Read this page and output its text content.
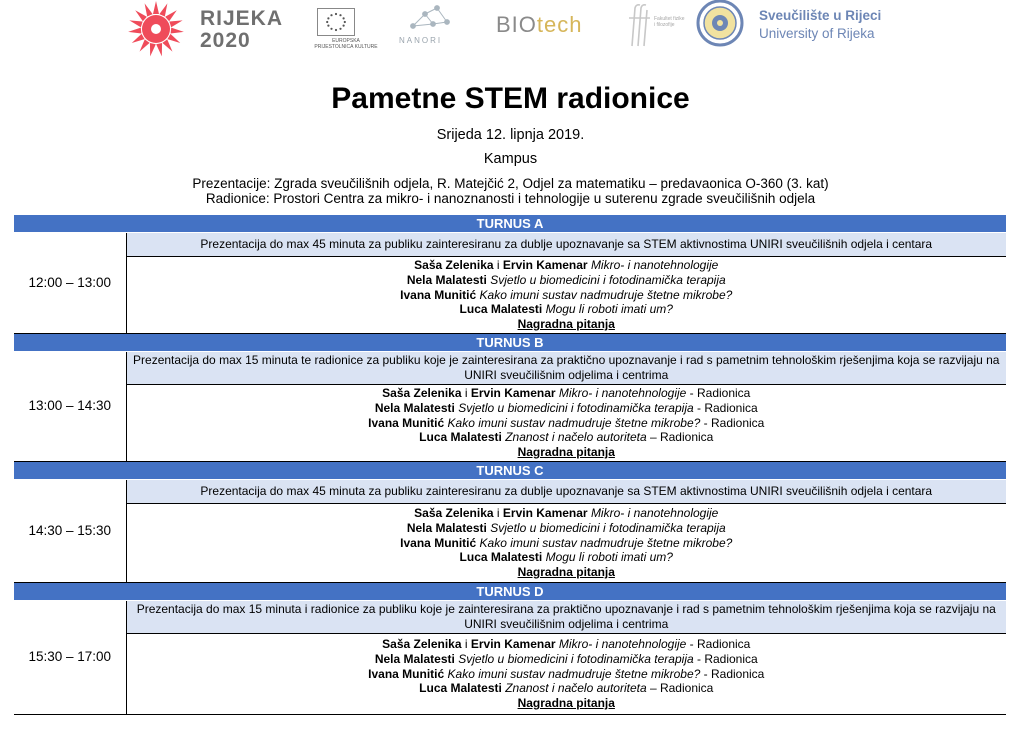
RIJEKA
2020	EUROPSKA PRIJESTOLNICA KULTURE
NANORI
BIOtech	Fakultet fizike i filozofije
Sveučilište u Rijeci
University of Rijeka
Pametne STEM radionice
Srijeda 12. lipnja 2019.
Kampus
Prezentacije: Zgrada sveučilišnih odjela, R. Matejčić 2, Odjel za matematiku – predavaonica O-360 (3. kat)
Radionice: Prostori Centra za mikro- i nanoznanosti i tehnologije u suterenu zgrade sveučilišnih odjela
TURNUS A	
12:00 – 13:00	Prezentacija do max 45 minuta za publiku zainteresiranu za dublje upoznavanje sa STEM aktivnostima UNIRI sveučilišnih odjela i centara

	Saša Zelenika i Ervin Kamenar Mikro- i nanotehnologije
Nela Malatesti Svjetlo u biomedicini i fotodinamička terapija
Ivana Munitić Kako imuni sustav nadmudruje štetne mikrobe?
Luca Malatesti Mogu li roboti imati um?
Nagradna pitanja

TURNUS B	
13:00 – 14:30	Prezentacija do max 15 minuta te radionice za publiku koje je zainteresirana za praktično upoznavanje i rad s pametnim tehnološkim rješenjima koja se razvijaju na UNIRI sveučilišnim odjelima i centrima

	Saša Zelenika i Ervin Kamenar Mikro- i nanotehnologije - Radionica
Nela Malatesti Svjetlo u biomedicini i fotodinamička terapija - Radionica
Ivana Munitić Kako imuni sustav nadmudruje štetne mikrobe? - Radionica
Luca Malatesti Znanost i načelo autoriteta – Radionica
Nagradna pitanja

TURNUS C	
14:30 – 15:30	Prezentacija do max 45 minuta za publiku zainteresiranu za dublje upoznavanje sa STEM aktivnostima UNIRI sveučilišnih odjela i centara

	Saša Zelenika i Ervin Kamenar Mikro- i nanotehnologije
Nela Malatesti Svjetlo u biomedicini i fotodinamička terapija
Ivana Munitić Kako imuni sustav nadmudruje štetne mikrobe?
Luca Malatesti Mogu li roboti imati um?
Nagradna pitanja

TURNUS D	
15:30 – 17:00	Prezentacija do max 15 minuta i radionice za publiku koje je zainteresirana za praktično upoznavanje i rad s pametnim tehnološkim rješenjima koja se razvijaju na UNIRI sveučilišnim odjelima i centrima

	Saša Zelenika i Ervin Kamenar Mikro- i nanotehnologije - Radionica
Nela Malatesti Svjetlo u biomedicini i fotodinamička terapija - Radionica
Ivana Munitić Kako imuni sustav nadmudruje štetne mikrobe? - Radionica
Luca Malatesti Znanost i načelo autoriteta – Radionica
Nagradna pitanja
